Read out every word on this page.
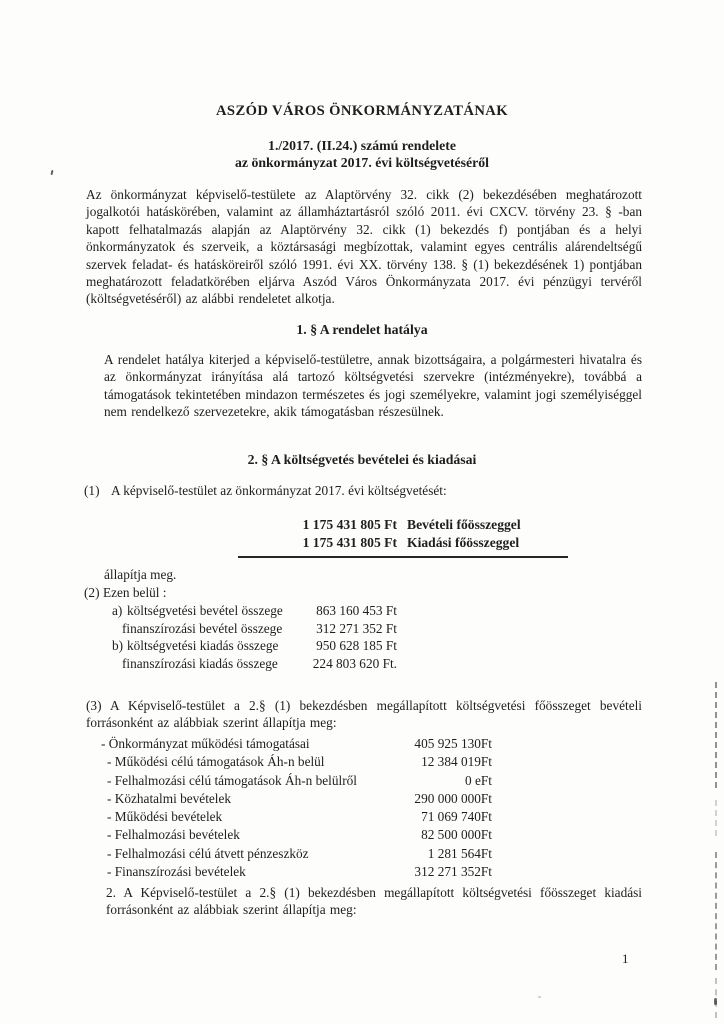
ASZÓD VÁROS ÖNKORMÁNYZATÁNAK
1./2017. (II.24.) számú rendelete
az önkormányzat 2017. évi költségvetéséről
Az önkormányzat képviselő-testülete az Alaptörvény 32. cikk (2) bekezdésében meghatározott jogalkotói hatáskörében, valamint az államháztartásról szóló 2011. évi CXCV. törvény 23. § -ban kapott felhatalmazás alapján az Alaptörvény 32. cikk (1) bekezdés f) pontjában és a helyi önkormányzatok és szerveik, a köztársasági megbízottak, valamint egyes centrális alárendeltségű szervek feladat- és hatásköreiről szóló 1991. évi XX. törvény 138. § (1) bekezdésének 1) pontjában meghatározott feladatkörében eljárva Aszód Város Önkormányzata 2017. évi pénzügyi tervéről (költségvetéséről) az alábbi rendeletet alkotja.
1. § A rendelet hatálya
A rendelet hatálya kiterjed a képviselő-testületre, annak bizottságaira, a polgármesteri hivatalra és az önkormányzat irányítása alá tartozó költségvetési szervekre (intézményekre), továbbá a támogatások tekintetében mindazon természetes és jogi személyekre, valamint jogi személyiséggel nem rendelkező szervezetekre, akik támogatásban részesülnek.
2. § A költségvetés bevételei és kiadásai
(1) A képviselő-testület az önkormányzat 2017. évi költségvetését:
1 175 431 805 Ft Bevételi főösszeggel
1 175 431 805 Ft Kiadási főösszeggel
állapítja meg.
(2) Ezen belül :
a) költségvetési bevétel összege	863 160 453 Ft
finanszírozási bevétel összege	312 271 352 Ft
b) költségvetési kiadás összege	950 628 185 Ft
finanszírozási kiadás összege	224 803 620 Ft.
(3) A Képviselő-testület a 2.§ (1) bekezdésben megállapított költségvetési főösszeget bevételi forrásonként az alábbiak szerint állapítja meg:
- Önkormányzat működési támogatásai	405 925 130Ft
- Működési célú támogatások Áh-n belül	12 384 019Ft
- Felhalmozási célú támogatások Áh-n belülről	0 eFt
- Közhatalmi bevételek	290 000 000Ft
- Működési bevételek	71 069 740Ft
- Felhalmozási bevételek	82 500 000Ft
- Felhalmozási célú átvett pénzeszköz	1 281 564Ft
- Finanszírozási bevételek	312 271 352Ft
2. A Képviselő-testület a 2.§ (1) bekezdésben megállapított költségvetési főösszeget kiadási forrásonként az alábbiak szerint állapítja meg:
1
